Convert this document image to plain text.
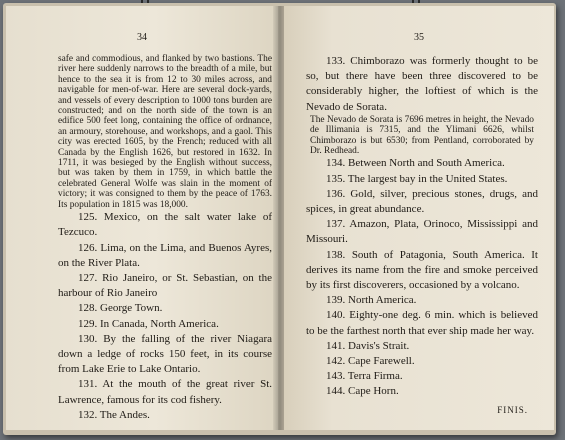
34

safe and commodious, and flanked by two bastions. The river here suddenly narrows to the breadth of a mile, but hence to the sea it is from 12 to 30 miles across, and navigable for men-of-war. Here are several dock-yards, and vessels of every description to 1000 tons burden are constructed; and on the north side of the town is an edifice 500 feet long, containing the office of ordnance, an armoury, storehouse, and workshops, and a gaol. This city was erected 1605, by the French; reduced with all Canada by the English 1626, but restored in 1632. In 1711, it was besieged by the English without success, but was taken by them in 1759, in which battle the celebrated General Wolfe was slain in the moment of victory; it was consigned to them by the peace of 1763. Its population in 1815 was 18,000.

125. Mexico, on the salt water lake of Tezcuco.

126. Lima, on the Lima, and Buenos Ayres, on the River Plata.

127. Rio Janeiro, or St. Sebastian, on the harbour of Rio Janeiro

128. George Town.

129. In Canada, North America.

130. By the falling of the river Niagara down a ledge of rocks 150 feet, in its course from Lake Erie to Lake Ontario.

131. At the mouth of the great river St. Lawrence, famous for its cod fishery.

132. The Andes.

35

133. Chimborazo was formerly thought to be so, but there have been three discovered to be considerably higher, the loftiest of which is the Nevado de Sorata.

The Nevado de Sorata is 7696 metres in height, the Nevado de Illimania is 7315, and the Ylimani 6626, whilst Chimborazo is but 6530; from Pentland, corroborated by Dr. Redhead.

134. Between North and South America.

135. The largest bay in the United States.

136. Gold, silver, precious stones, drugs, and spices, in great abundance.

137. Amazon, Plata, Orinoco, Mississippi and Missouri.

138. South of Patagonia, South America. It derives its name from the fire and smoke perceived by its first discoverers, occasioned by a volcano.

139. North America.

140. Eighty-one deg. 6 min. which is believed to be the farthest north that ever ship made her way.

141. Davis's Strait.

142. Cape Farewell.

143. Terra Firma.

144. Cape Horn.

FINIS.
